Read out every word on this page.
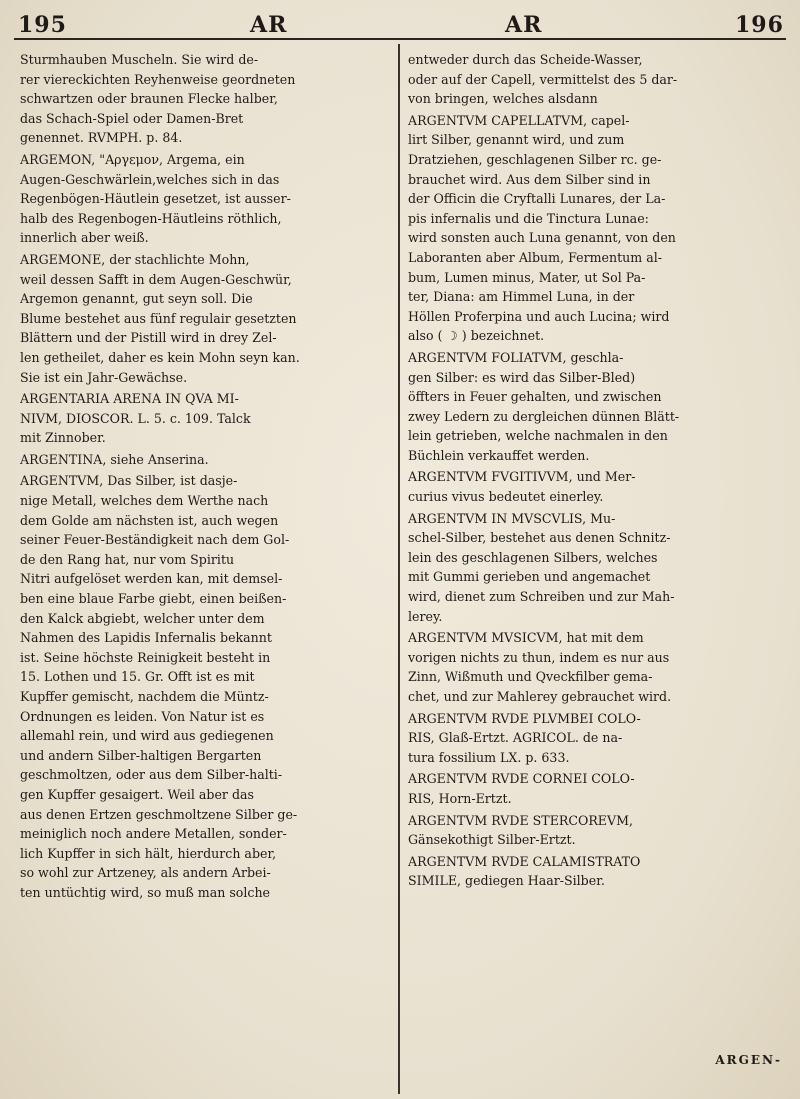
195	AR	AR	196

Sturmhauben Muscheln. Sie wird de-
rer viereckichten Reyhenweise geordneten
schwartzen oder braunen Flecke halber,
das Schach-Spiel oder Damen-Bret
genennet. RVMPH. p. 84.

ARGEMON, "Αργεμον, Argema, ein
Augen-Geschwärlein,welches sich in das
Regenbögen-Häutlein gesetzet, ist ausser-
halb des Regenbogen-Häutleins röthlich,
innerlich aber weiß.

ARGEMONE, der stachlichte Mohn,
weil dessen Safft in dem Augen-Geschwür,
Argemon genannt, gut seyn soll. Die
Blume bestehet aus fünf regulair gesetzten
Blättern und der Pistill wird in drey Zel-
len getheilet, daher es kein Mohn seyn kan.
Sie ist ein Jahr-Gewächse.

ARGENTARIA ARENA IN QVA MI-
NIVM, DIOSCOR. L. 5. c. 109. Talck
mit Zinnober.

ARGENTINA, siehe Anserina.

ARGENTVM, Das Silber, ist dasje-
nige Metall, welches dem Werthe nach
dem Golde am nächsten ist, auch wegen
seiner Feuer-Beständigkeit nach dem Gol-
de den Rang hat, nur vom Spiritu
Nitri aufgelöset werden kan, mit demsel-
ben eine blaue Farbe giebt, einen beißen-
den Kalck abgiebt, welcher unter dem
Nahmen des Lapidis Infernalis bekannt
ist. Seine höchste Reinigkeit besteht in
15. Lothen und 15. Gr. Offt ist es mit
Kupffer gemischt, nachdem die Müntz-
Ordnungen es leiden. Von Natur ist es
allemahl rein, und wird aus gediegenen
und andern Silber-haltigen Bergarten
geschmoltzen, oder aus dem Silber-halti-
gen Kupffer gesaigert. Weil aber das
aus denen Ertzen geschmoltzene Silber ge-
meiniglich noch andere Metallen, sonder-
lich Kupffer in sich hält, hierdurch aber,
so wohl zur Artzeney, als andern Arbei-
ten untüchtig wird, so muß man solche

entweder durch das Scheide-Wasser,
oder auf der Capell, vermittelst des 5 dar-
von bringen, welches alsdann

ARGENTVM CAPELLATVM, capel-
lirt Silber, genannt wird, und zum
Dratziehen, geschlagenen Silber rc. ge-
brauchet wird. Aus dem Silber sind in
der Officin die Cryftalli Lunares, der La-
pis infernalis und die Tinctura Lunae:
wird sonsten auch Luna genannt, von den
Laboranten aber Album, Fermentum al-
bum, Lumen minus, Mater, ut Sol Pa-
ter, Diana: am Himmel Luna, in der
Höllen Proferpina und auch Lucina; wird
also ( ☽ ) bezeichnet.

ARGENTVM FOLIATVM, geschla-
gen Silber: es wird das Silber-Bled)
öffters in Feuer gehalten, und zwischen
zwey Ledern zu dergleichen dünnen Blätt-
lein getrieben, welche nachmalen in den
Büchlein verkauffet werden.

ARGENTVM FVGITIVVM, und Mer-
curius vivus bedeutet einerley.

ARGENTVM IN MVSCVLIS, Mu-
schel-Silber, bestehet aus denen Schnitz-
lein des geschlagenen Silbers, welches
mit Gummi gerieben und angemachet
wird, dienet zum Schreiben und zur Mah-
lerey.

ARGENTVM MVSICVM, hat mit dem
vorigen nichts zu thun, indem es nur aus
Zinn, Wißmuth und Qveckfilber gema-
chet, und zur Mahlerey gebrauchet wird.

ARGENTVM RVDE PLVMBEI COLO-
RIS, Glaß-Ertzt. AGRICOL. de na-
tura fossilium LX. p. 633.

ARGENTVM RVDE CORNEI COLO-
RIS, Horn-Ertzt.

ARGENTVM RVDE STERCOREVM,
Gänsekothigt Silber-Ertzt.

ARGENTVM RVDE CALAMISTRATO
SIMILE, gediegen Haar-Silber.

ARGEN-
